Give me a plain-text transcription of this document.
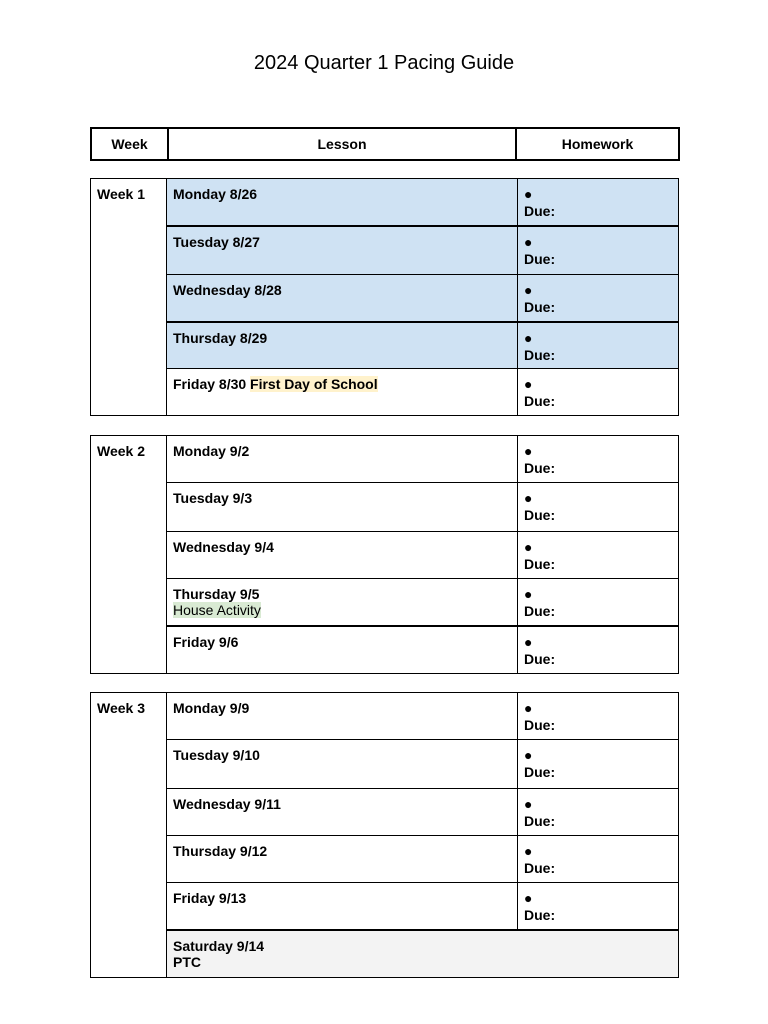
2024 Quarter 1 Pacing Guide
Week	Lesson	Homework
Week 1	Monday 8/26	●
Due:

	Tuesday 8/27	●
Due:

	Wednesday 8/28	●
Due:

	Thursday 8/29	●
Due:

	Friday 8/30 First Day of School	●
Due:
Week 2	Monday 9/2	●
Due:

	Tuesday 9/3	●
Due:

	Wednesday 9/4	●
Due:

	Thursday 9/5
House Activity	●
Due:

	Friday 9/6	●
Due:
Week 3	Monday 9/9	●
Due:

	Tuesday 9/10	●
Due:

	Wednesday 9/11	●
Due:

	Thursday 9/12	●
Due:

	Friday 9/13	●
Due:

	Saturday 9/14
PTC	
